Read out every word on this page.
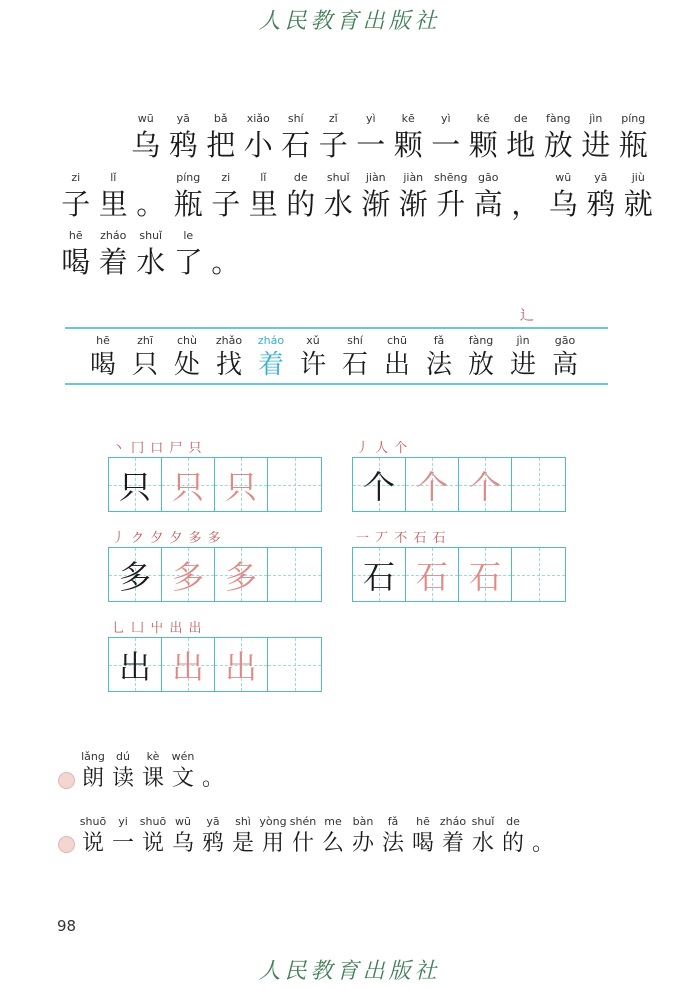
人民教育出版社
wū
乌
yā
鸦
bǎ
把
xiǎo
小
shí
石
zǐ
子
yì
一
kē
颗
yì
一
kē
颗
de
地
fàng
放
jìn
进
píng
瓶
zi
子
lǐ
里 。
píng
瓶
zi
子
lǐ
里
de
的
shuǐ
水
jiàn
渐
jiàn
渐
shēng
升
gāo
高 ，
wū
乌
yā
鸦
jiù
就
hē
喝
zháo
着
shuǐ
水
le
了 。
辶
hē
喝
zhī
只
chù
处
zhǎo
找
zháo
着
xǔ
许
shí
石
chū
出
fǎ
法
fàng
放
jìn
进
gāo
高
丶 冂 口 尸 只
只 只 只
丿 人 个
个 个 个
丿 ク 夕 夕 多 多
多 多 多
一 丆 不 石 石
石 石 石
乚 凵 屮 出 出
出 出 出
lǎng
朗
dú
读
kè
课
wén
文 。
shuō
说
yi
一
shuō
说
wū
乌
yā
鸦
shì
是
yòng
用
shén
什
me
么
bàn
办
fǎ
法
hē
喝
zháo
着
shuǐ
水
de
的 。
98
人民教育出版社
